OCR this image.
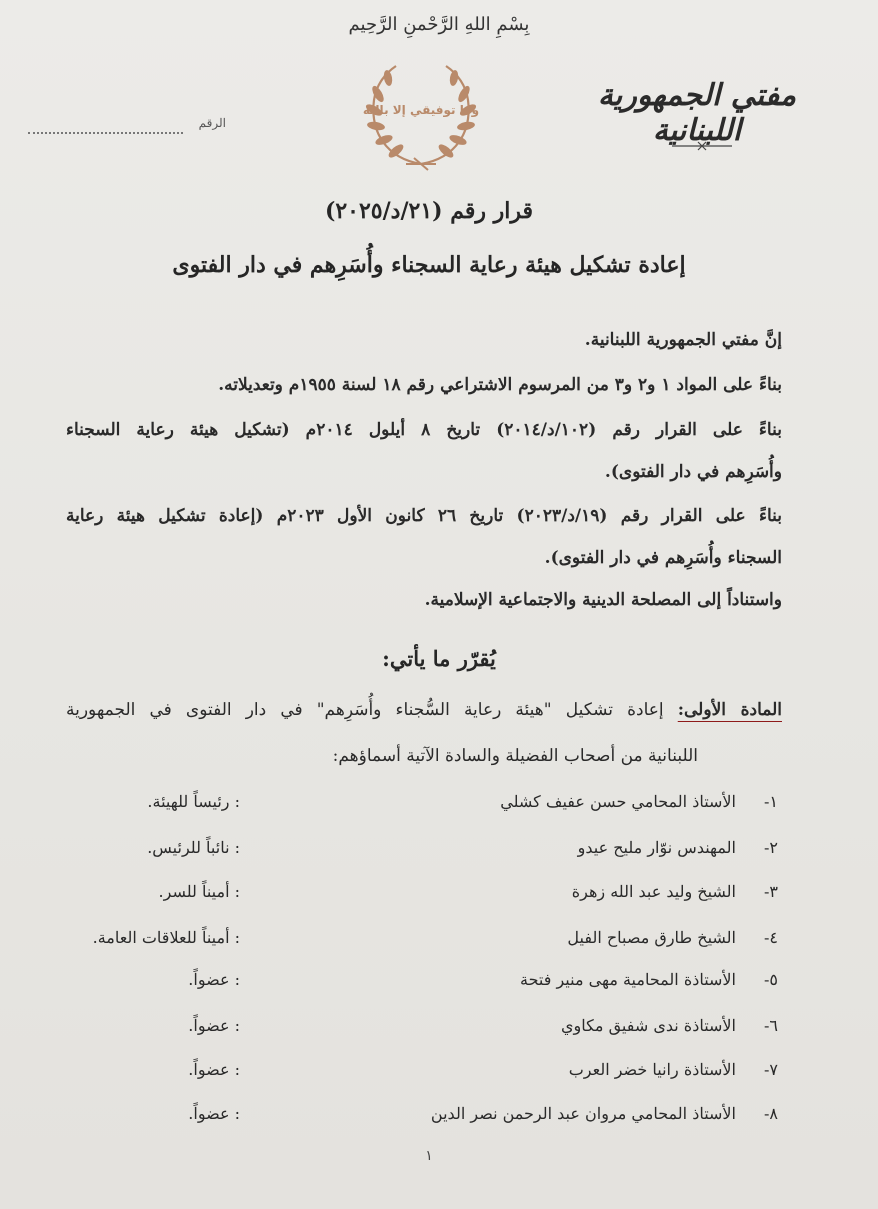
بِسْمِ اللهِ الرَّحْمنِ الرَّحِيم
وما توفيقي إلا بالله	مفتي الجمهورية اللبنانية
الرقم
قرار رقم (٢١/د/٢٠٢٥)
إعادة تشكيل هيئة رعاية السجناء وأُسَرِهم في دار الفتوى
إنَّ مفتي الجمهورية اللبنانية.
بناءً على المواد ١ و٢ و٣ من المرسوم الاشتراعي رقم ١٨ لسنة ١٩٥٥م وتعديلاته.
بناءً على القرار رقم (١٠٢/د/٢٠١٤) تاريخ ٨ أيلول ٢٠١٤م (تشكيل هيئة رعاية السجناء
وأُسَرِهم في دار الفتوى).
بناءً على القرار رقم (١٩/د/٢٠٢٣) تاريخ ٢٦ كانون الأول ٢٠٢٣م (إعادة تشكيل هيئة رعاية
السجناء وأُسَرِهم في دار الفتوى).
واستناداً إلى المصلحة الدينية والاجتماعية الإسلامية.
يُقرّر ما يأتي:
المادة الأولى: إعادة تشكيل "هيئة رعاية السُّجناء وأُسَرِهم" في دار الفتوى في الجمهورية
اللبنانية من أصحاب الفضيلة والسادة الآتية أسماؤهم:
١-
الأستاذ المحامي حسن عفيف كشلي
: رئيساً للهيئة.
٢-
المهندس نوّار مليح عيدو
: نائباً للرئيس.
٣-
الشيخ وليد عبد الله زهرة
: أميناً للسر.
٤-
الشيخ طارق مصباح الفيل
: أميناً للعلاقات العامة.
٥-
الأستاذة المحامية مهى منير فتحة
: عضواً.
٦-
الأستاذة ندى شفيق مكاوي
: عضواً.
٧-
الأستاذة رانيا خضر العرب
: عضواً.
٨-
الأستاذ المحامي مروان عبد الرحمن نصر الدين
: عضواً.
١
